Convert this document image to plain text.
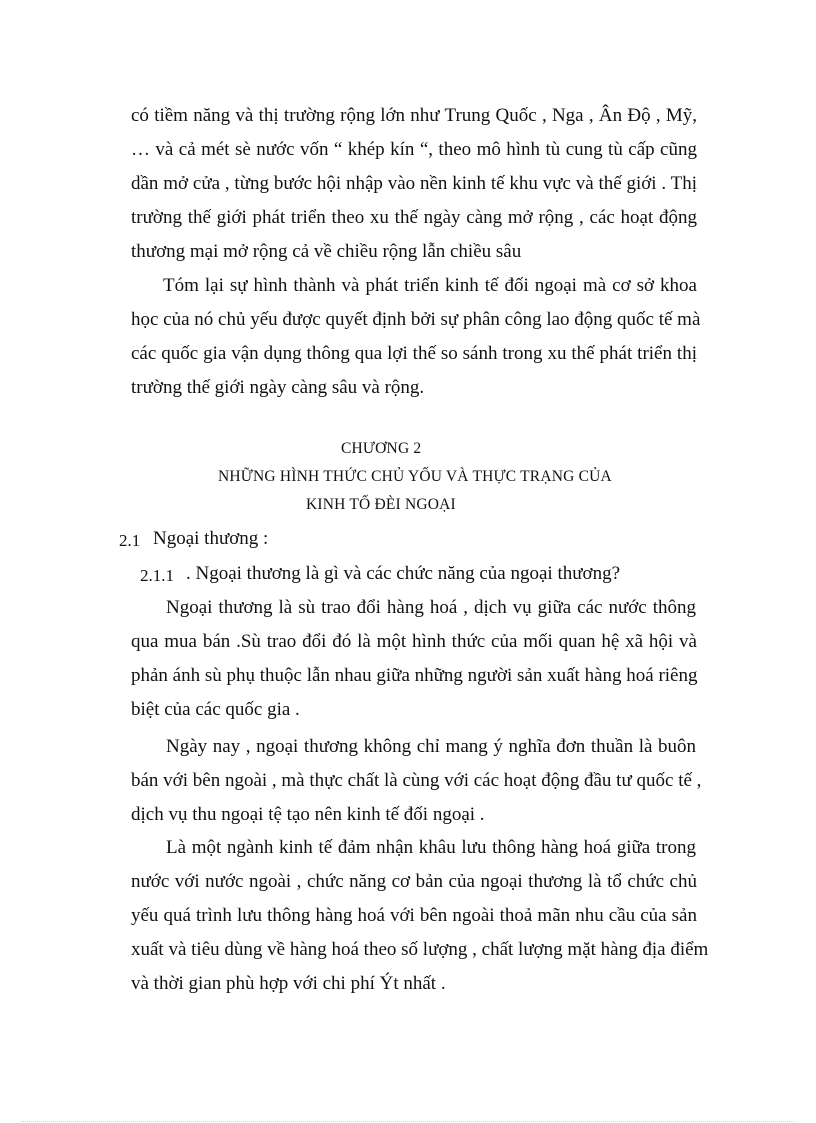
có tiềm năng và thị trường rộng lớn như Trung Quốc , Nga , Ân Độ , Mỹ,
… và cả mét sè nước vốn “ khép kín “, theo mô hình tù cung tù cấp cũng
dần mở cửa , từng bước hội nhập vào nền kinh tế khu vực và thế giới . Thị
trường thế giới phát triển theo xu thế ngày càng mở rộng , các hoạt động
thương mại mở rộng cả về chiều rộng lẫn chiều sâu
Tóm lại sự hình thành và phát triển kinh tế đối ngoại mà cơ sở khoa
học của nó chủ yếu được quyết định bởi sự phân công lao động quốc tế mà
các quốc gia vận dụng thông qua lợi thế so sánh trong xu thế phát triển thị
trường thế giới ngày càng sâu và rộng.
CHƯƠNG 2
NHỮNG HÌNH THỨC CHỦ YỐU VÀ THỰC TRẠNG CỦA
KINH TỐ ĐÈI NGOẠI
2.1 Ngoại thương :
2.1.1 . Ngoại thương là gì và các chức năng của ngoại thương?
Ngoại thương là sù trao đổi hàng hoá , dịch vụ giữa các nước thông
qua mua bán .Sù trao đổi đó là một hình thức của mối quan hệ xã hội và
phản ánh sù phụ thuộc lẫn nhau giữa những người sản xuất hàng hoá riêng
biệt của các quốc gia .
Ngày nay , ngoại thương không chỉ mang ý nghĩa đơn thuần là buôn
bán với bên ngoài , mà thực chất là cùng với các hoạt động đầu tư quốc tế ,
dịch vụ thu ngoại tệ tạo nên kinh tế đối ngoại .
Là một ngành kinh tế đảm nhận khâu lưu thông hàng hoá giữa trong
nước với nước ngoài , chức năng cơ bản của ngoại thương là tổ chức chủ
yếu quá trình lưu thông hàng hoá với bên ngoài thoả mãn nhu cầu của sản
xuất và tiêu dùng về hàng hoá theo số lượng , chất lượng mặt hàng địa điểm
và thời gian phù hợp với chi phí Ýt nhất .
